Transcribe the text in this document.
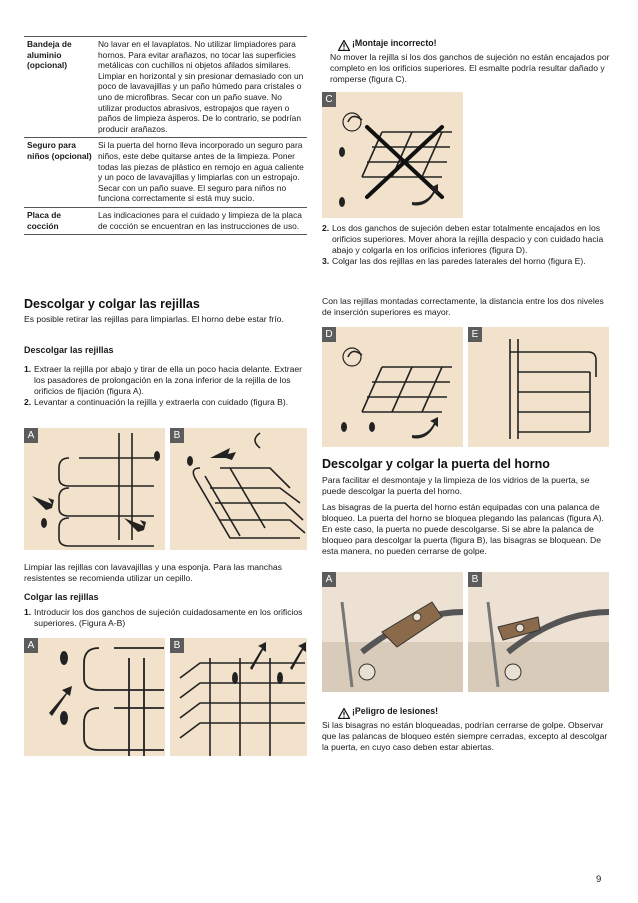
Bandeja de aluminio (opcional)	No lavar en el lavaplatos. No utilizar limpiadores para hornos. Para evitar arañazos, no tocar las superficies metálicas con cuchillos ni objetos afilados similares. Limpiar en horizontal y sin presionar demasiado con un poco de lavavajillas y un paño húmedo para cristales o uno de microfibras. Secar con un paño suave. No utilizar productos abrasivos, estropajos que rayen o paños de limpieza ásperos. De lo contrario, se podrían producir arañazos.
Seguro para niños (opcional)	Si la puerta del horno lleva incorporado un seguro para niños, este debe quitarse antes de la limpieza. Poner todas las piezas de plástico en remojo en agua caliente y un poco de lavavajillas y limpiarlas con un estropajo. Secar con un paño suave. El seguro para niños no funciona correctamente si está muy sucio.
Placa de cocción	Las indicaciones para el cuidado y limpieza de la placa de cocción se encuentran en las instrucciones de uso.
Descolgar y colgar las rejillas
Es posible retirar las rejillas para limpiarlas. El horno debe estar frío.
Descolgar las rejillas
1. Extraer la rejilla por abajo y tirar de ella un poco hacia delante. Extraer los pasadores de prolongación en la zona inferior de la rejilla de los orificios de fijación (figura A).
2. Levantar a continuación la rejilla y extraerla con cuidado (figura B).
A	B
Limpiar las rejillas con lavavajillas y una esponja. Para las manchas resistentes se recomienda utilizar un cepillo.
Colgar las rejillas
1. Introducir los dos ganchos de sujeción cuidadosamente en los orificios superiores. (Figura A-B)
A	B
¡Montaje incorrecto!
No mover la rejilla si los dos ganchos de sujeción no están encajados por completo en los orificios superiores. El esmalte podría resultar dañado y romperse (figura C).
C
2. Los dos ganchos de sujeción deben estar totalmente encajados en los orificios superiores. Mover ahora la rejilla despacio y con cuidado hacia abajo y colgarla en los orificios inferiores (figura D).
3. Colgar las dos rejillas en las paredes laterales del horno (figura E).
Con las rejillas montadas correctamente, la distancia entre los dos niveles de inserción superiores es mayor.
D	E
Descolgar y colgar la puerta del horno
Para facilitar el desmontaje y la limpieza de los vidrios de la puerta, se puede descolgar la puerta del horno.
Las bisagras de la puerta del horno están equipadas con una palanca de bloqueo. La puerta del horno se bloquea plegando las palancas (figura A). En este caso, la puerta no puede descolgarse. Si se abre la palanca de bloqueo para descolgar la puerta (figura B), las bisagras se bloquean. De esta manera, no pueden cerrarse de golpe.
A	B
¡Peligro de lesiones!
Si las bisagras no están bloqueadas, podrían cerrarse de golpe. Observar que las palancas de bloqueo estén siempre cerradas, excepto al descolgar la puerta, en cuyo caso deben estar abiertas.
9
